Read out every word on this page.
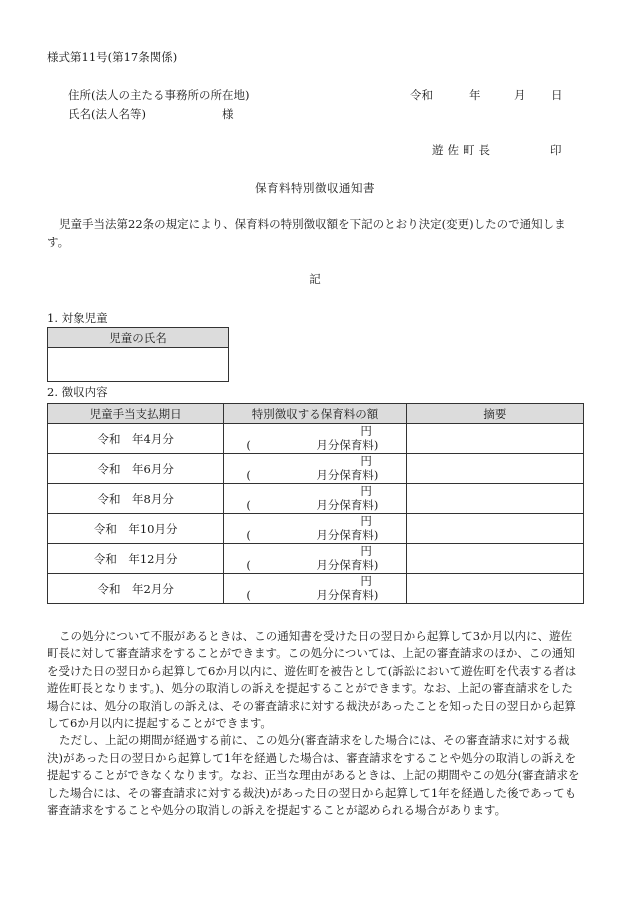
様式第11号(第17条関係)
住所(法人の主たる事務所の所在地)
氏名(法人名等)	様
令和	年	月 日
遊佐町長	印
保育料特別徴収通知書
児童手当法第22条の規定により、保育料の特別徴収額を下記のとおり決定(変更)したので通知します。
記
1. 対象児童
児童の氏名

2. 徴収内容
児童手当支払期日	特別徴収する保育料の額	摘要
令和　年4月分	円
( 月分保育料)	

令和　年6月分	円
( 月分保育料)	

令和　年8月分	円
( 月分保育料)	

令和　年10月分	円
( 月分保育料)	

令和　年12月分	円
( 月分保育料)	

令和　年2月分	円
( 月分保育料)	

この処分について不服があるときは、この通知書を受けた日の翌日から起算して3か月以内に、遊佐町長に対して審査請求をすることができます。この処分については、上記の審査請求のほか、この通知を受けた日の翌日から起算して6か月以内に、遊佐町を被告として(訴訟において遊佐町を代表する者は遊佐町長となります。)、処分の取消しの訴えを提起することができます。なお、上記の審査請求をした場合には、処分の取消しの訴えは、その審査請求に対する裁決があったことを知った日の翌日から起算して6か月以内に提起することができます。

ただし、上記の期間が経過する前に、この処分(審査請求をした場合には、その審査請求に対する裁決)があった日の翌日から起算して1年を経過した場合は、審査請求をすることや処分の取消しの訴えを提起することができなくなります。なお、正当な理由があるときは、上記の期間やこの処分(審査請求をした場合には、その審査請求に対する裁決)があった日の翌日から起算して1年を経過した後であっても審査請求をすることや処分の取消しの訴えを提起することが認められる場合があります。
